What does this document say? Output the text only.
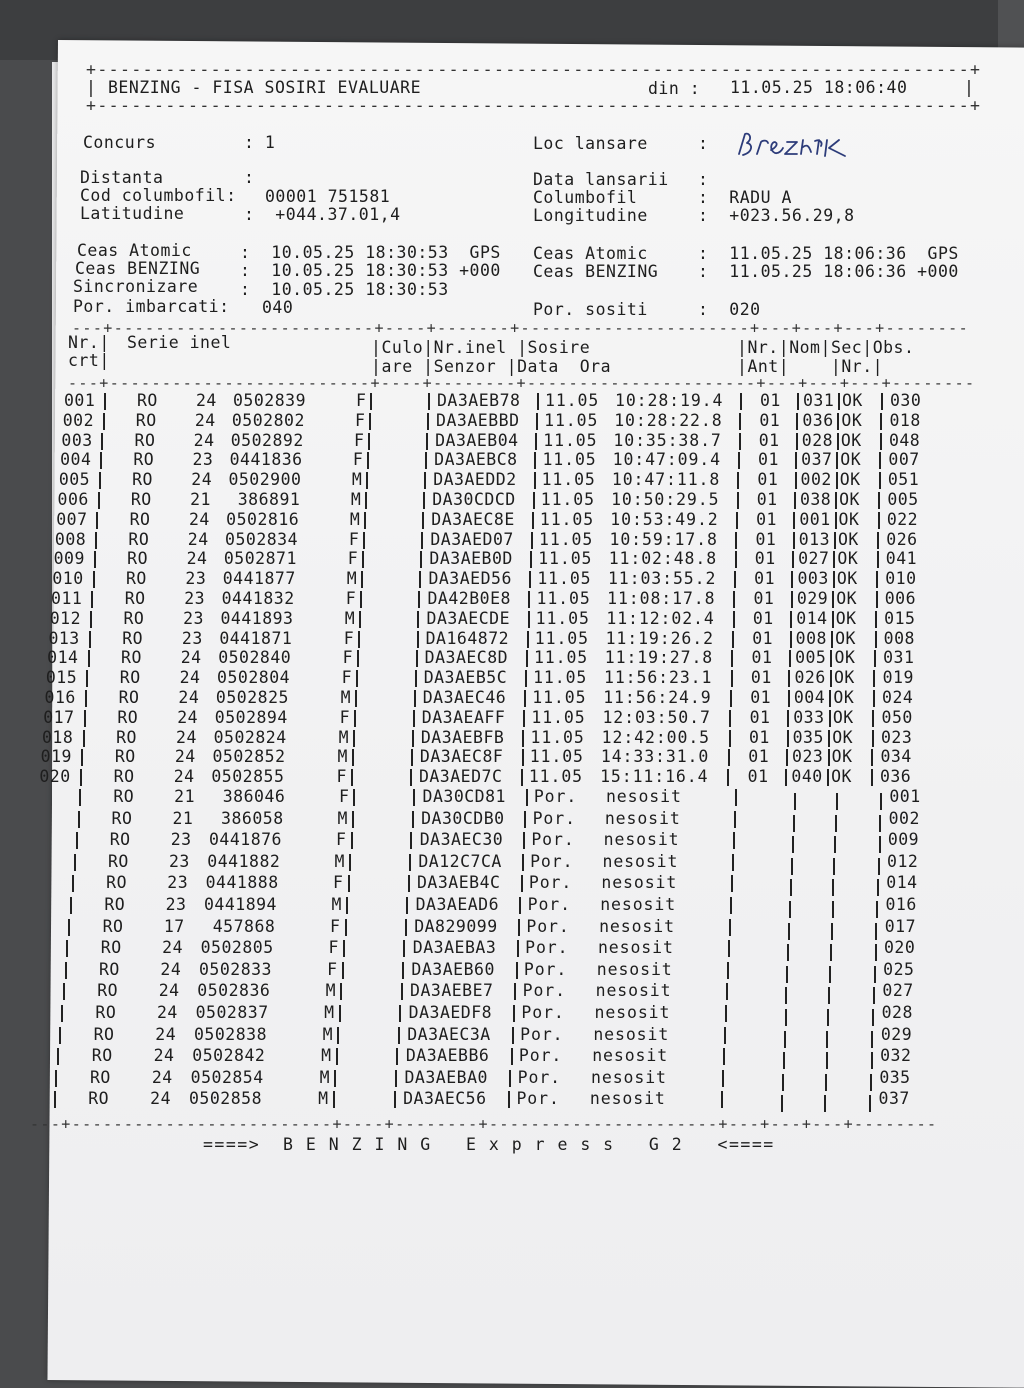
+-----------------------------------------------------------------------------+
| BENZING - FISA SOSIRI EVALUARE	din : 11.05.25 18:06:40	|
+-----------------------------------------------------------------------------+
Concurs	: 1	Loc lansare	:
Distanta	:	Data lansarii :
Cod columbofil: 00001 751581	Columbofil	:  RADU A
Latitudine	:  +044.37.01,4	Longitudine	:  +023.56.29,8
Ceas Atomic	:  10.05.25 18:30:53  GPS Ceas Atomic	:  11.05.25 18:06:36  GPS
Ceas BENZING :  10.05.25 18:30:53 +000 Ceas BENZING :  11.05.25 18:06:36 +000
Sincronizare	:  10.05.25 18:30:53
Por. imbarcati: 040	Por. sositi	:  020
---+-------------------------+----+-------+----------------------+---+---+---+--------
Nr.|
crt|
Serie inel	|Culo|Nr.inel |Sosire
|are |Senzor |Data Ora
|Nr.|Nom|Sec|Obs.
|Ant|    |Nr.|
---+-------------------------+----+--------+----------------------+---+---+---+--------
001	RO 24 0502839	F	DA3AEB78 11.05 10:28:19.4 01 031 OK 030
002	RO 24 0502802	F	DA3AEBBD 11.05 10:28:22.8 01 036 OK 018
003	RO 24 0502892	F	DA3AEB04 11.05 10:35:38.7 01 028 OK 048
004	RO 23 0441836	F	DA3AEBC8 11.05 10:47:09.4 01 037 OK 007
005	RO 24 0502900	M	DA3AEDD2 11.05 10:47:11.8 01 002 OK 051
006	RO 21 386891	M	DA30CDCD 11.05 10:50:29.5 01 038 OK 005
007	RO 24 0502816	M	DA3AEC8E 11.05 10:53:49.2 01 001 OK 022
008	RO 24 0502834	F	DA3AED07 11.05 10:59:17.8 01 013 OK 026
009	RO 24 0502871	F	DA3AEB0D 11.05 11:02:48.8 01 027 OK 041
010	RO 23 0441877	M	DA3AED56 11.05 11:03:55.2 01 003 OK 010
011	RO 23 0441832	F	DA42B0E8 11.05 11:08:17.8 01 029 OK 006
012	RO 23 0441893	M	DA3AECDE 11.05 11:12:02.4 01 014 OK 015
013	RO 23 0441871	F	DA164872 11.05 11:19:26.2 01 008 OK 008
014	RO 24 0502840	F	DA3AEC8D 11.05 11:19:27.8 01 005 OK 031
015	RO 24 0502804	F	DA3AEB5C 11.05 11:56:23.1 01 026 OK 019
016	RO 24 0502825	M	DA3AEC46 11.05 11:56:24.9 01 004 OK 024
017	RO 24 0502894	F	DA3AEAFF 11.05 12:03:50.7 01 033 OK 050
018	RO 24 0502824	M	DA3AEBFB 11.05 12:42:00.5 01 035 OK 023
019	RO 24 0502852	M	DA3AEC8F 11.05 14:33:31.0 01 023 OK 034
020	RO 24 0502855	F	DA3AED7C 11.05 15:11:16.4 01 040 OK 036
RO 21 386046	F	DA30CD81 Por. nesosit	001
RO 21 386058	M	DA30CDB0 Por. nesosit	002
RO 23 0441876	F	DA3AEC30 Por. nesosit	009
RO 23 0441882	M	DA12C7CA Por. nesosit	012
RO 23 0441888	F	DA3AEB4C Por. nesosit	014
RO 23 0441894	M	DA3AEAD6 Por. nesosit	016
RO 17 457868	F	DA829099 Por. nesosit	017
RO 24 0502805	F	DA3AEBA3 Por. nesosit	020
RO 24 0502833	F	DA3AEB60 Por. nesosit	025
RO 24 0502836	M	DA3AEBE7 Por. nesosit	027
RO 24 0502837	M	DA3AEDF8 Por. nesosit	028
RO 24 0502838	M	DA3AEC3A Por. nesosit	029
RO 24 0502842	M	DA3AEBB6 Por. nesosit	032
RO 24 0502854	M	DA3AEBA0 Por. nesosit	035
RO 24 0502858	M	DA3AEC56 Por. nesosit	037
---+-------------------------+----+--------+----------------------+---+---+---+--------
====>  B E N Z I N G   E x p r e s s   G 2   <====
